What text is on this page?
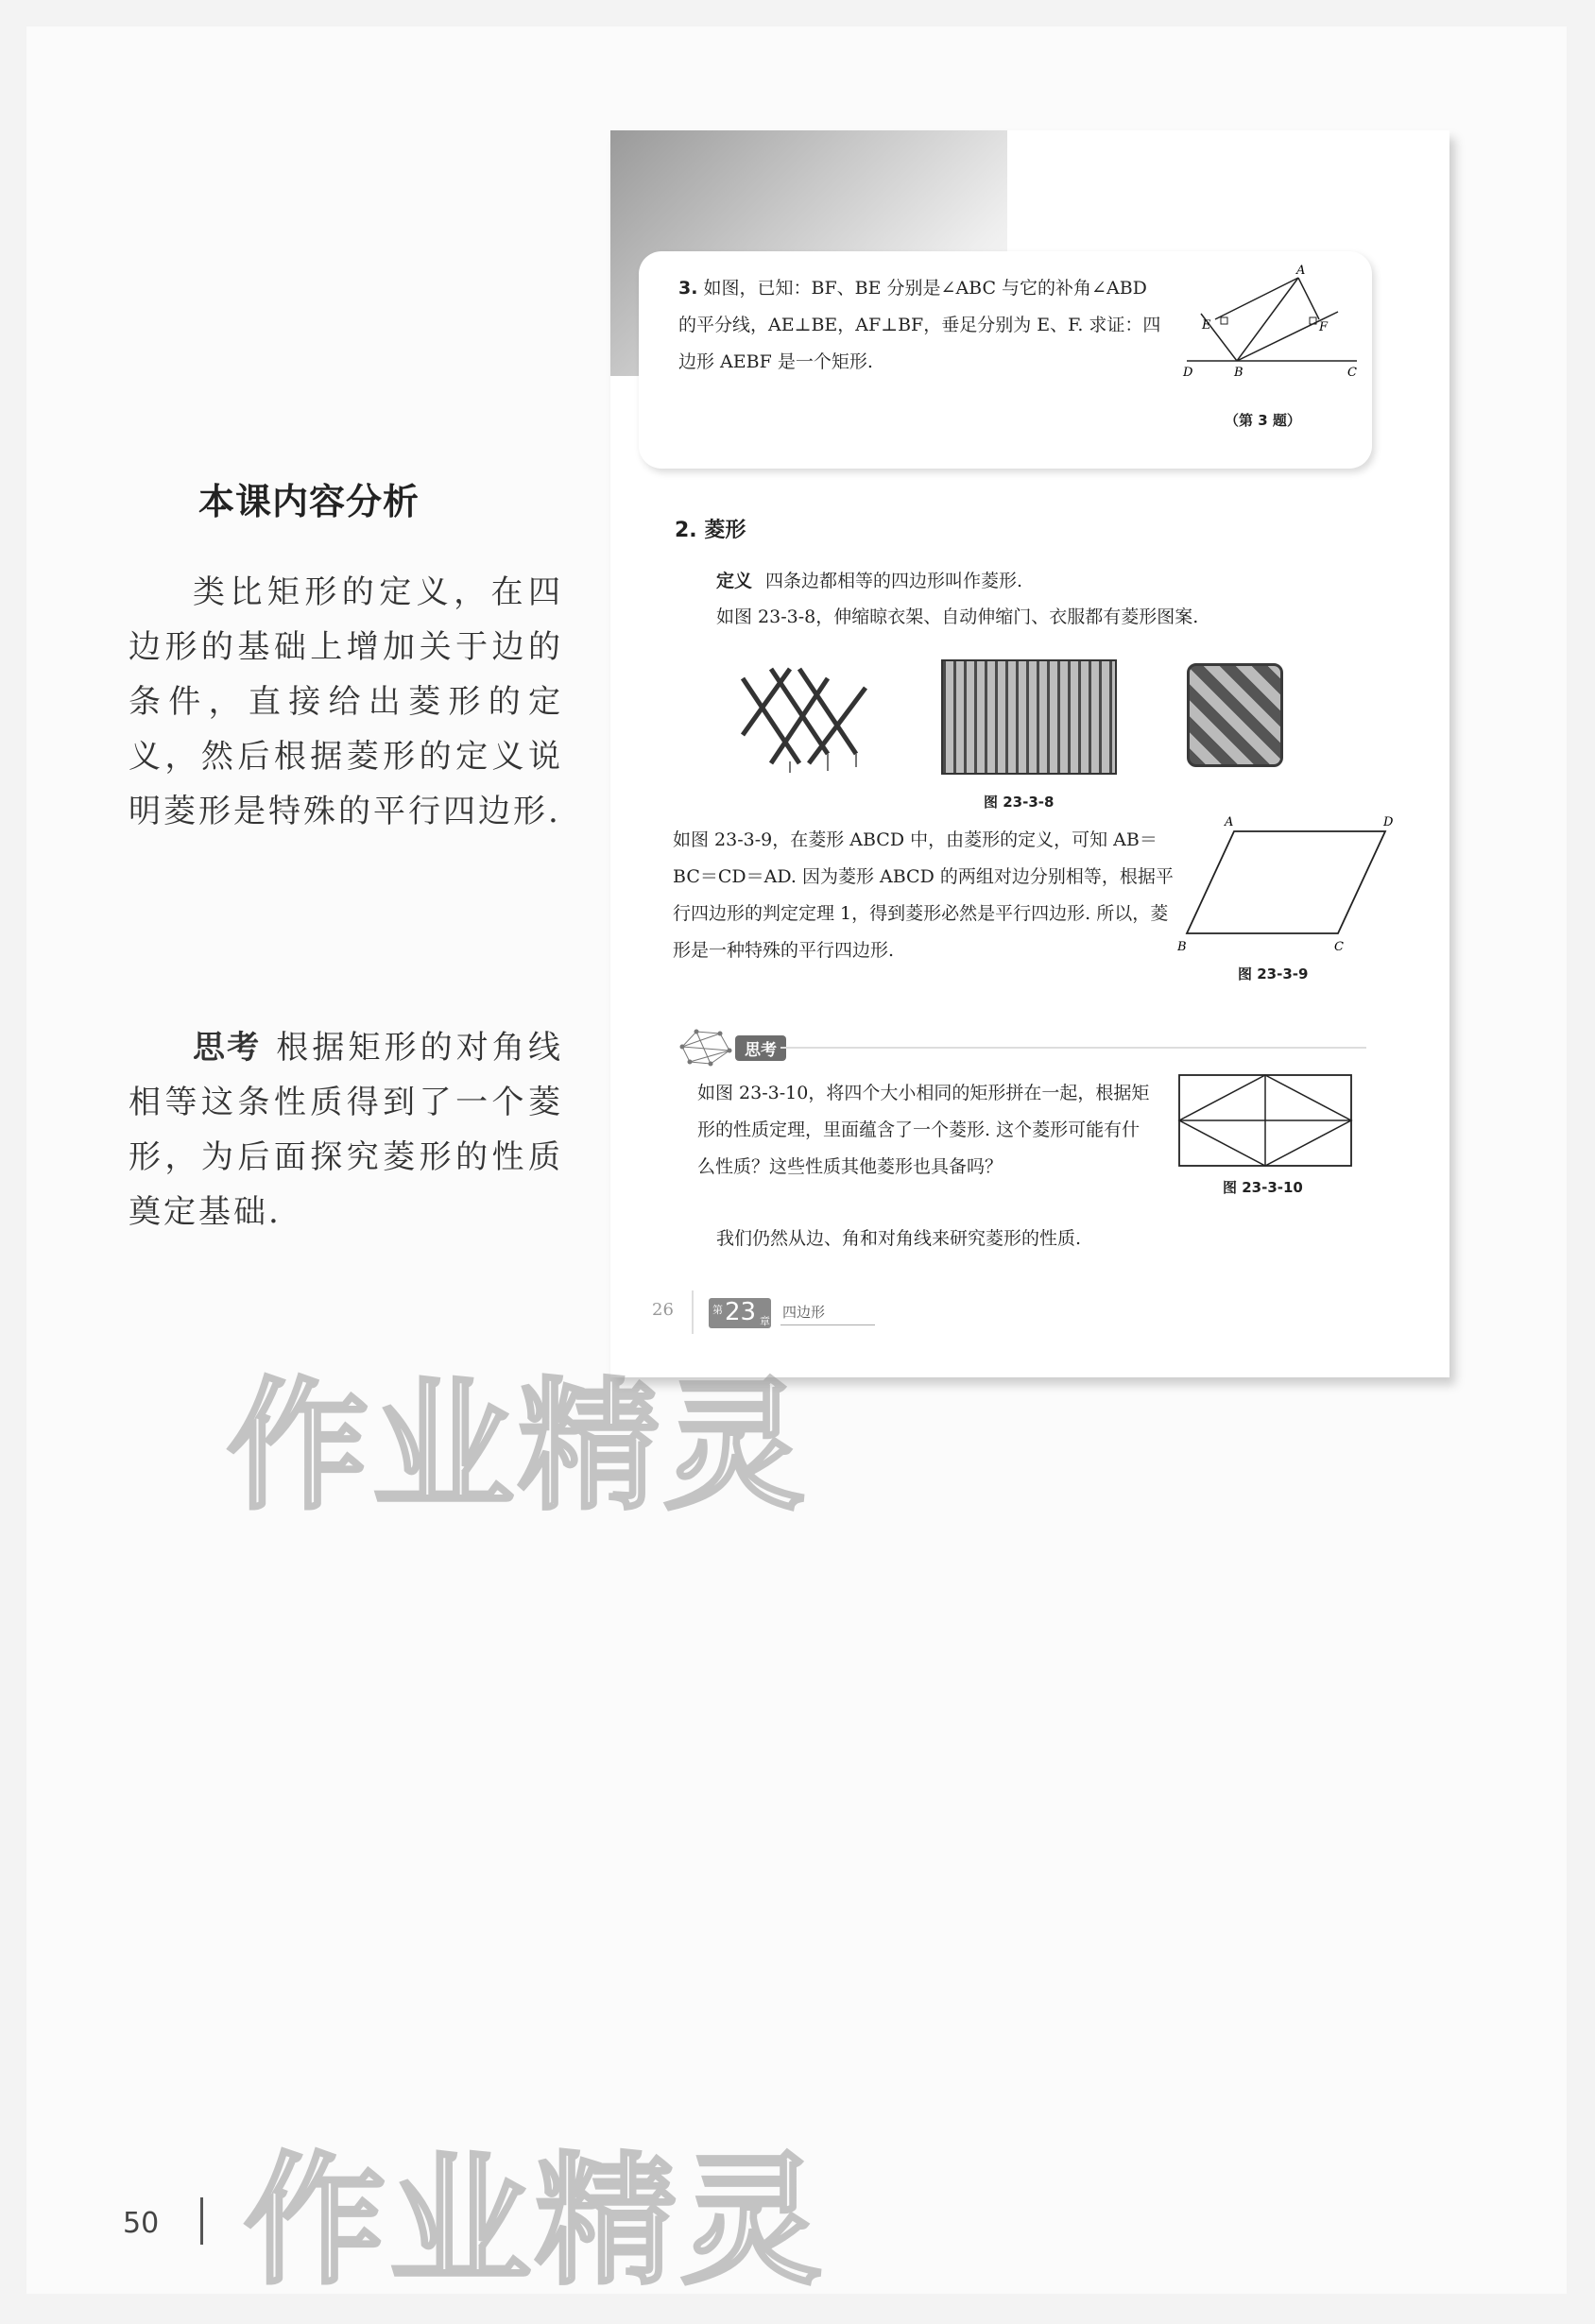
本课内容分析
类比矩形的定义，在四边形的基础上增加关于边的条件，直接给出菱形的定义，然后根据菱形的定义说明菱形是特殊的平行四边形.
思考 根据矩形的对角线相等这条性质得到了一个菱形，为后面探究菱形的性质奠定基础.
3. 如图，已知：BF、BE 分别是∠ABC 与它的补角∠ABD 的平分线，AE⊥BE，AF⊥BF，垂足分别为 E、F. 求证：四边形 AEBF 是一个矩形.
A
B	C
D
E	F
（第 3 题）
2. 菱形
定义 四条边都相等的四边形叫作菱形.
如图 23-3-8，伸缩晾衣架、自动伸缩门、衣服都有菱形图案.
图 23-3-8
如图 23-3-9，在菱形 ABCD 中，由菱形的定义，可知 AB＝BC＝CD＝AD. 因为菱形 ABCD 的两组对边分别相等，根据平行四边形的判定定理 1，得到菱形必然是平行四边形. 所以，菱形是一种特殊的平行四边形.
A	D
B	C
图 23-3-9
思考
如图 23-3-10，将四个大小相同的矩形拼在一起，根据矩形的性质定理，里面蕴含了一个菱形. 这个菱形可能有什么性质？这些性质其他菱形也具备吗？
图 23-3-10
我们仍然从边、角和对角线来研究菱形的性质.
26	第 23 章
四边形
50
作业精灵
作业精灵
